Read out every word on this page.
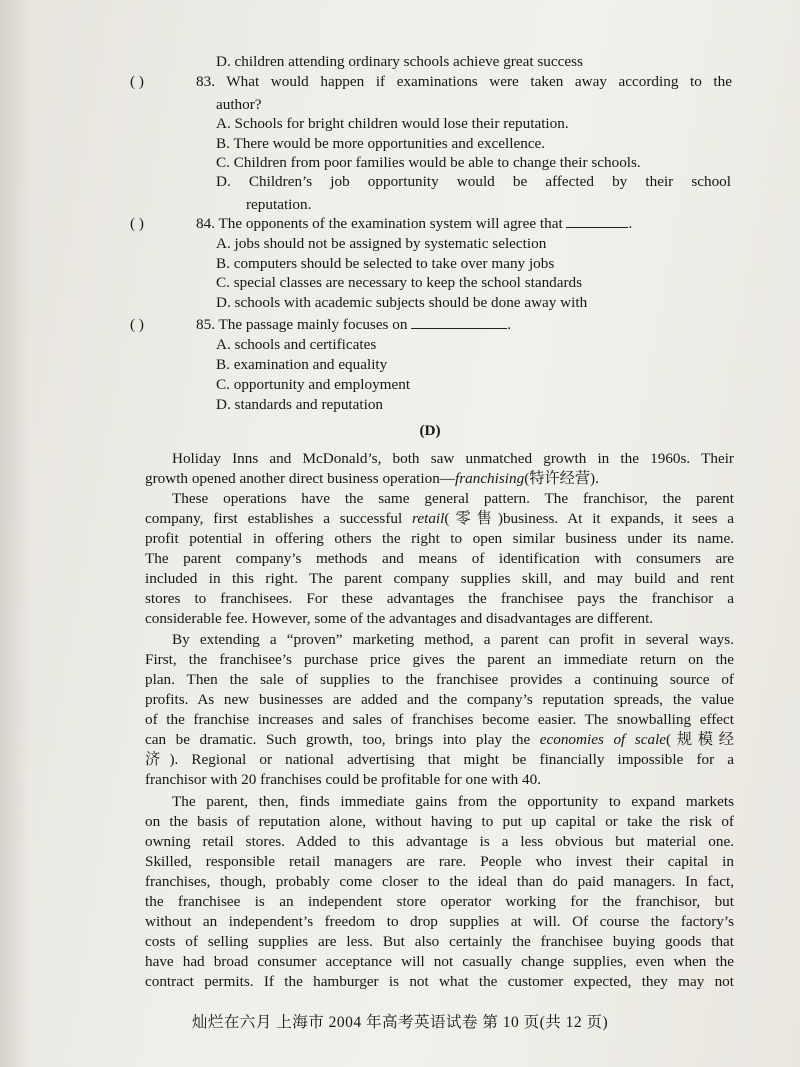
D. children attending ordinary schools achieve great success
( )	83. What would happen if examinations were taken away according to the
author?
A. Schools for bright children would lose their reputation.
B. There would be more opportunities and excellence.
C. Children from poor families would be able to change their schools.
D. Children’s job opportunity would be affected by their school
reputation.
( )	84. The opponents of the examination system will agree that	.
A. jobs should not be assigned by systematic selection
B. computers should be selected to take over many jobs
C. special classes are necessary to keep the school standards
D. schools with academic subjects should be done away with
( )	85. The passage mainly focuses on	.
A. schools and certificates
B. examination and equality
C. opportunity and employment
D. standards and reputation
(D)
Holiday Inns and McDonald’s, both saw unmatched growth in the 1960s. Their
growth opened another direct business operation—franchising(特许经营).
These operations have the same general pattern. The franchisor, the parent
company, first establishes a successful retail(零售)business. At it expands, it sees a
profit potential in offering others the right to open similar business under its name.
The parent company’s methods and means of identification with consumers are
included in this right. The parent company supplies skill, and may build and rent
stores to franchisees. For these advantages the franchisee pays the franchisor a
considerable fee. However, some of the advantages and disadvantages are different.
By extending a “proven” marketing method, a parent can profit in several ways.
First, the franchisee’s purchase price gives the parent an immediate return on the
plan. Then the sale of supplies to the franchisee provides a continuing source of
profits. As new businesses are added and the company’s reputation spreads, the value
of the franchise increases and sales of franchises become easier. The snowballing effect
can be dramatic. Such growth, too, brings into play the economies of scale(规模经
济). Regional or national advertising that might be financially impossible for a
franchisor with 20 franchises could be profitable for one with 40.
The parent, then, finds immediate gains from the opportunity to expand markets
on the basis of reputation alone, without having to put up capital or take the risk of
owning retail stores. Added to this advantage is a less obvious but material one.
Skilled, responsible retail managers are rare. People who invest their capital in
franchises, though, probably come closer to the ideal than do paid managers. In fact,
the franchisee is an independent store operator working for the franchisor, but
without an independent’s freedom to drop supplies at will. Of course the factory’s
costs of selling supplies are less. But also certainly the franchisee buying goods that
have had broad consumer acceptance will not casually change supplies, even when the
contract permits. If the hamburger is not what the customer expected, they may not
灿烂在六月 上海市 2004 年高考英语试卷 第 10 页(共 12 页)
